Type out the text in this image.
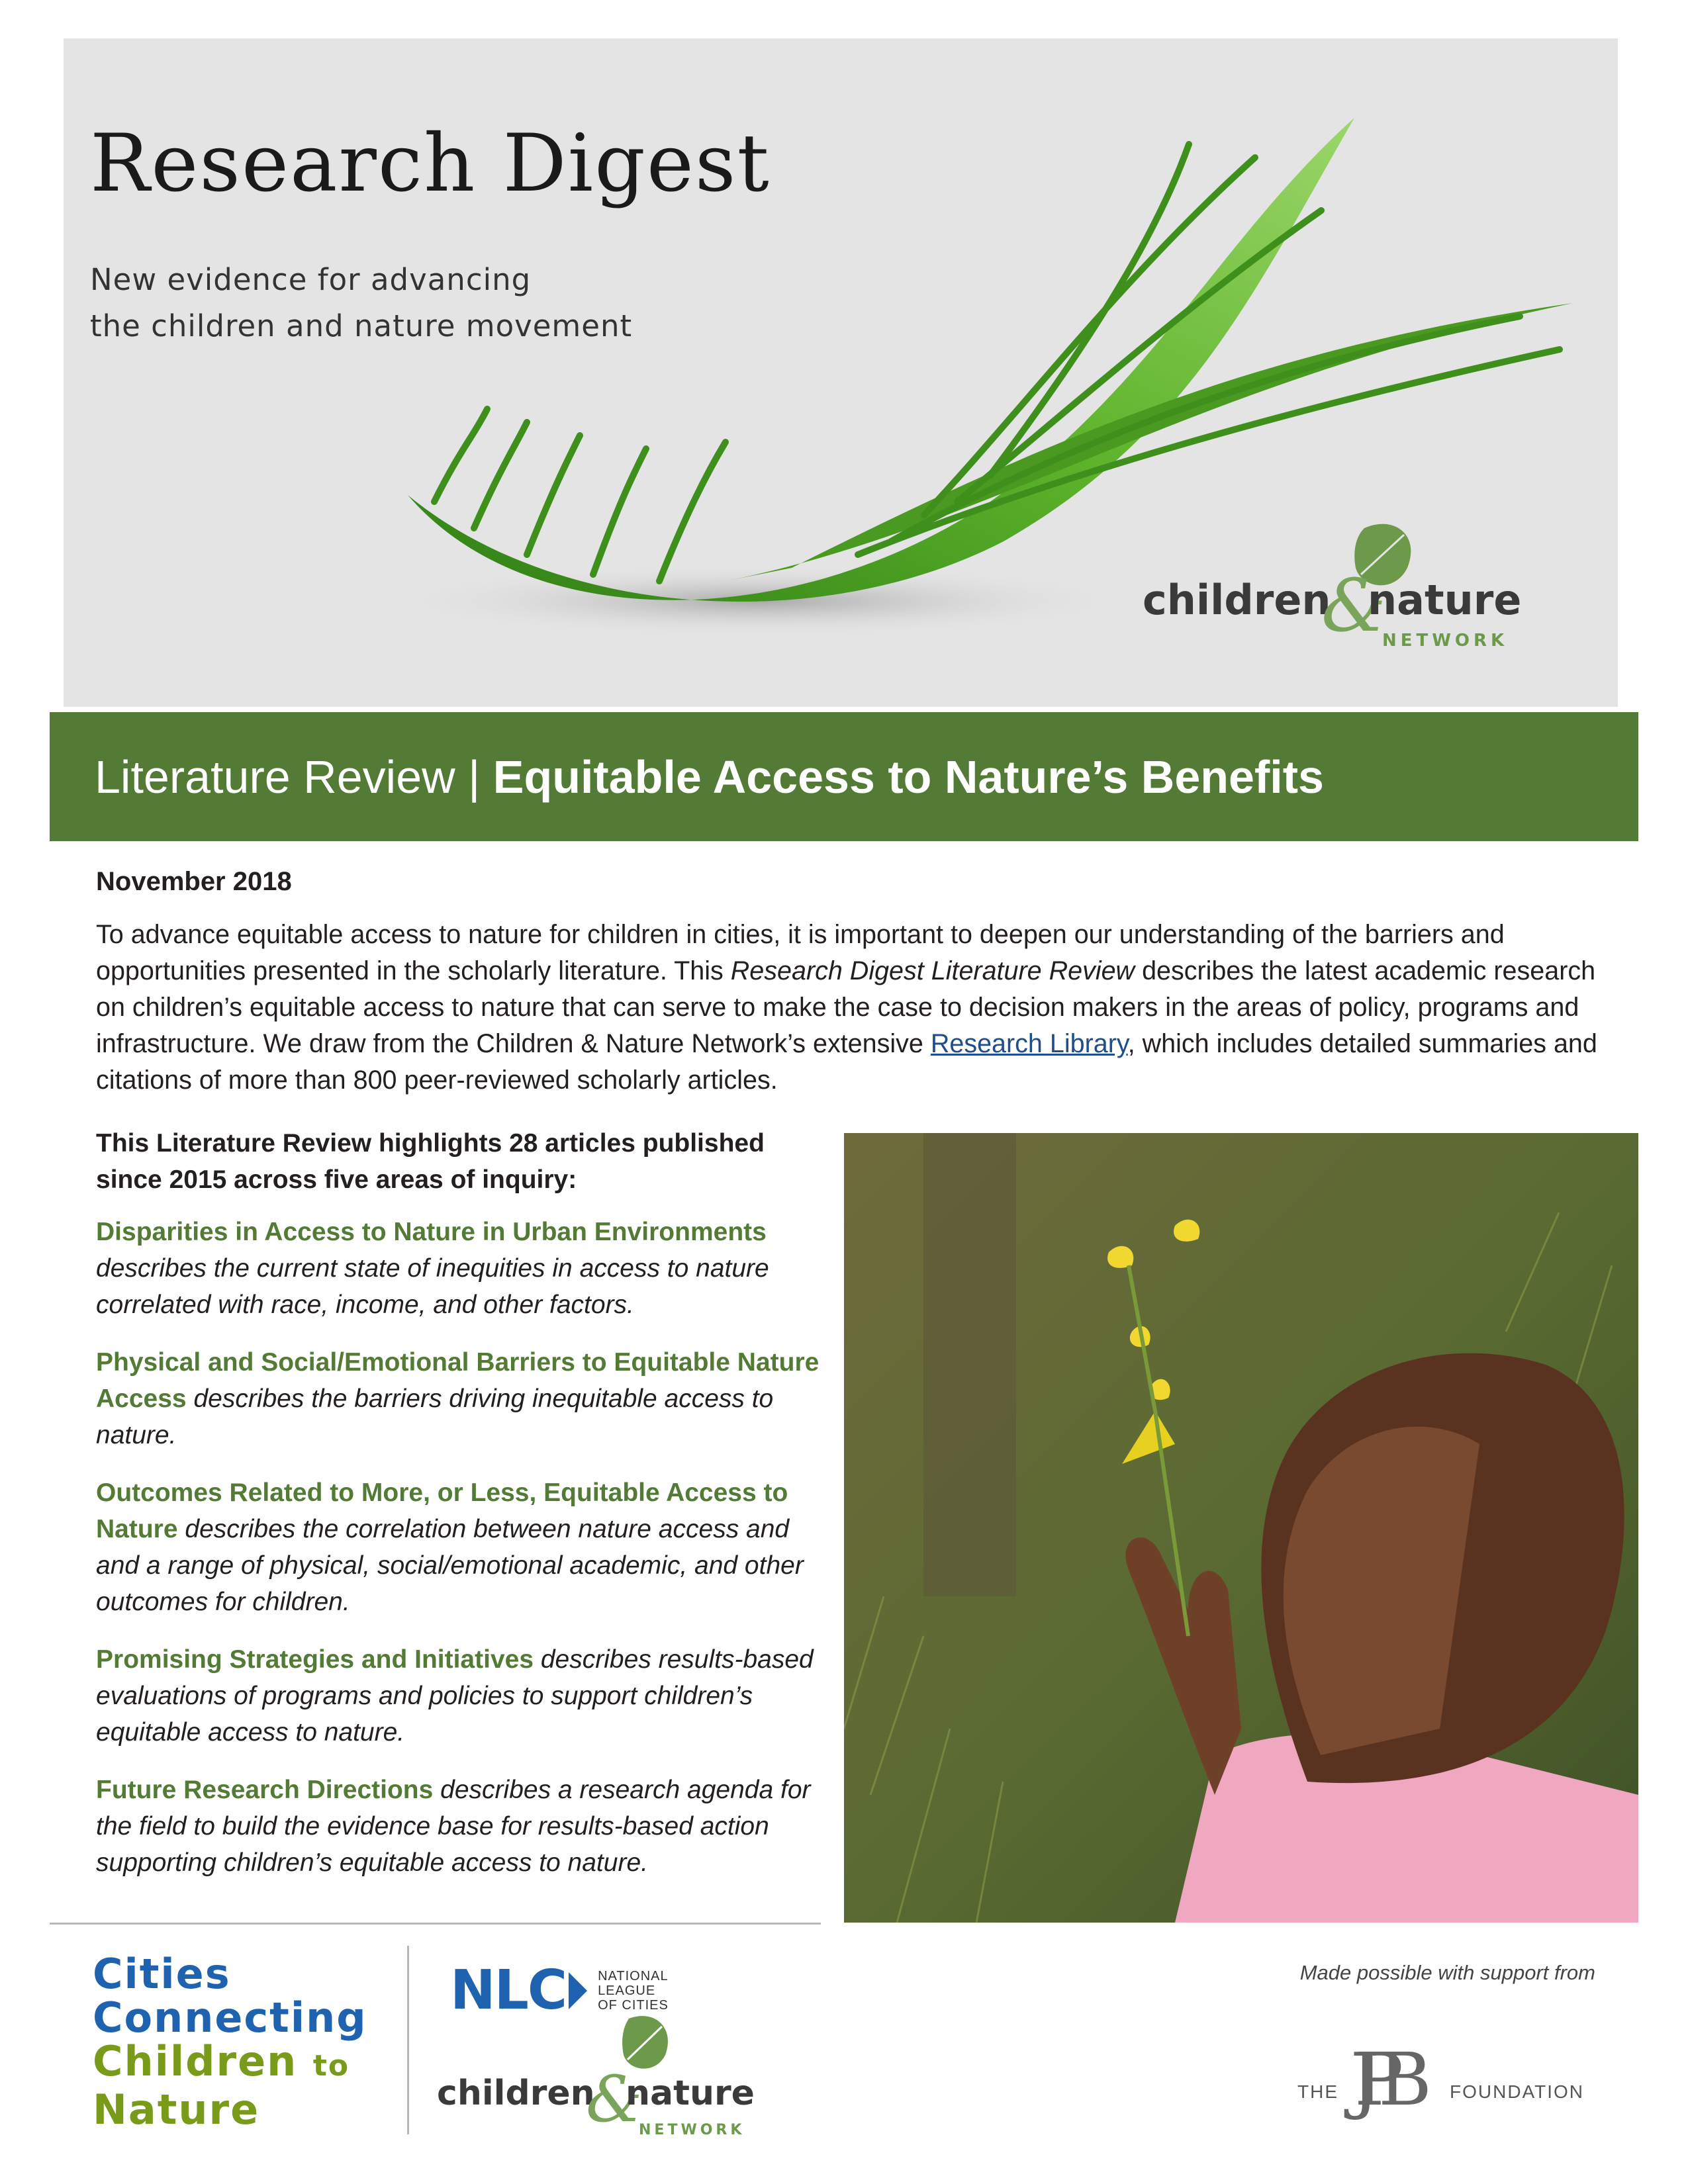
Research Digest
New evidence for advancing
the children and nature movement
children
&
nature
NETWORK
Literature Review | Equitable Access to Nature’s Benefits
November 2018

To advance equitable access to nature for children in cities, it is important to deepen our understanding of the barriers and opportunities presented in the scholarly literature. This Research Digest Literature Review describes the latest academic research on children’s equitable access to nature that can serve to make the case to decision makers in the areas of policy, programs and infrastructure. We draw from the Children & Nature Network’s extensive Research Library, which includes detailed summaries and citations of more than 800 peer-reviewed scholarly articles.

This Literature Review highlights 28 articles published since 2015 across five areas of inquiry:

Disparities in Access to Nature in Urban Environments describes the current state of inequities in access to nature correlated with race, income, and other factors.

Physical and Social/Emotional Barriers to Equitable Nature Access describes the barriers driving inequitable access to nature.

Outcomes Related to More, or Less, Equitable Access to Nature describes the correlation between nature access and and a range of physical, social/emotional academic, and other outcomes for children.

Promising Strategies and Initiatives describes results-based evaluations of programs and policies to support children’s equitable access to nature.

Future Research Directions describes a research agenda for the field to build the evidence base for results-based action supporting children’s equitable access to nature.

Cities
Connecting
Children to
Nature
NLC NATIONAL
LEAGUE
OF CITIES
children
&
nature
NETWORK
Made possible with support from
THE JPB	FOUNDATION
